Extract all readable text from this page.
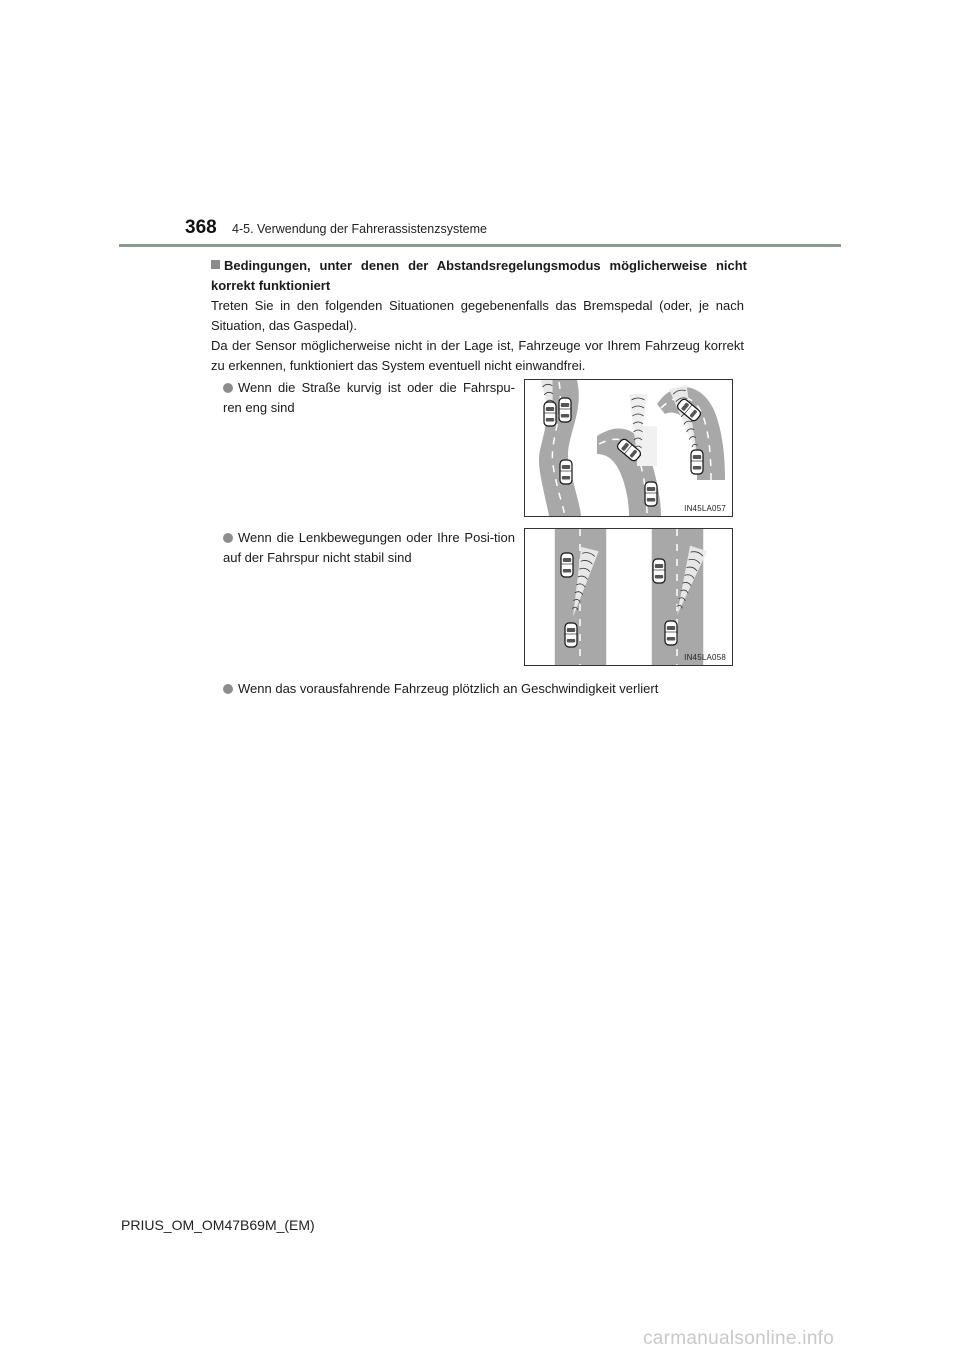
368 4-5. Verwendung der Fahrerassistenzsysteme
Bedingungen, unter denen der Abstandsregelungsmodus möglicherweise nicht korrekt funktioniert

Treten Sie in den folgenden Situationen gegebenenfalls das Bremspedal (oder, je nach Situation, das Gaspedal).

Da der Sensor möglicherweise nicht in der Lage ist, Fahrzeuge vor Ihrem Fahrzeug korrekt zu erkennen, funktioniert das System eventuell nicht einwandfrei.

Wenn die Straße kurvig ist oder die Fahrspu-ren eng sind

IN45LA057

Wenn die Lenkbewegungen oder Ihre Posi-tion auf der Fahrspur nicht stabil sind

IN45LA058

Wenn das vorausfahrende Fahrzeug plötzlich an Geschwindigkeit verliert

PRIUS_OM_OM47B69M_(EM)
carmanualsonline.info
